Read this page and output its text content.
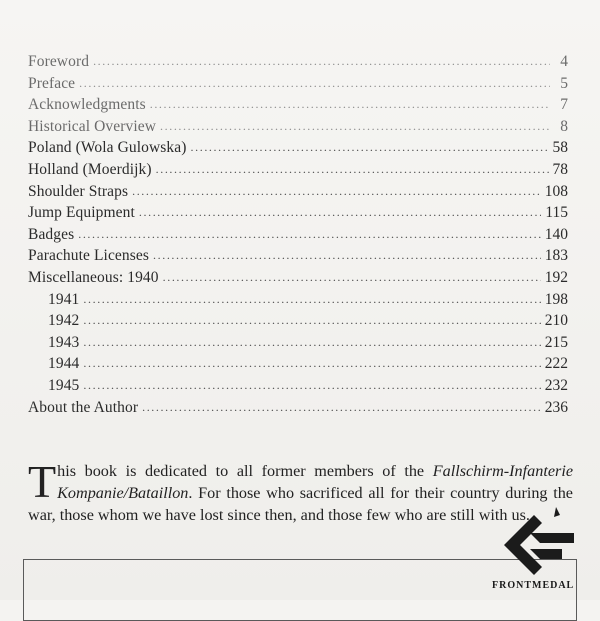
Foreword .....	4
Preface .....	5
Acknowledgments .....	7
Historical Overview .....	8
Poland (Wola Gulowska) .....	58
Holland (Moerdijk) .....	78
Shoulder Straps .....	108
Jump Equipment .....	115
Badges .....	140
Parachute Licenses .....	183
Miscellaneous: 1940 .....	192
1941 .....	198
1942 .....	210
1943 .....	215
1944 .....	222
1945 .....	232
About the Author .....	236
This book is dedicated to all former members of the Fallschirm-Infanterie Kompanie/Bataillon. For those who sacrificed all for their country during the war, those whom we have lost since then, and those few who are still with us.
FRONTMEDAL
